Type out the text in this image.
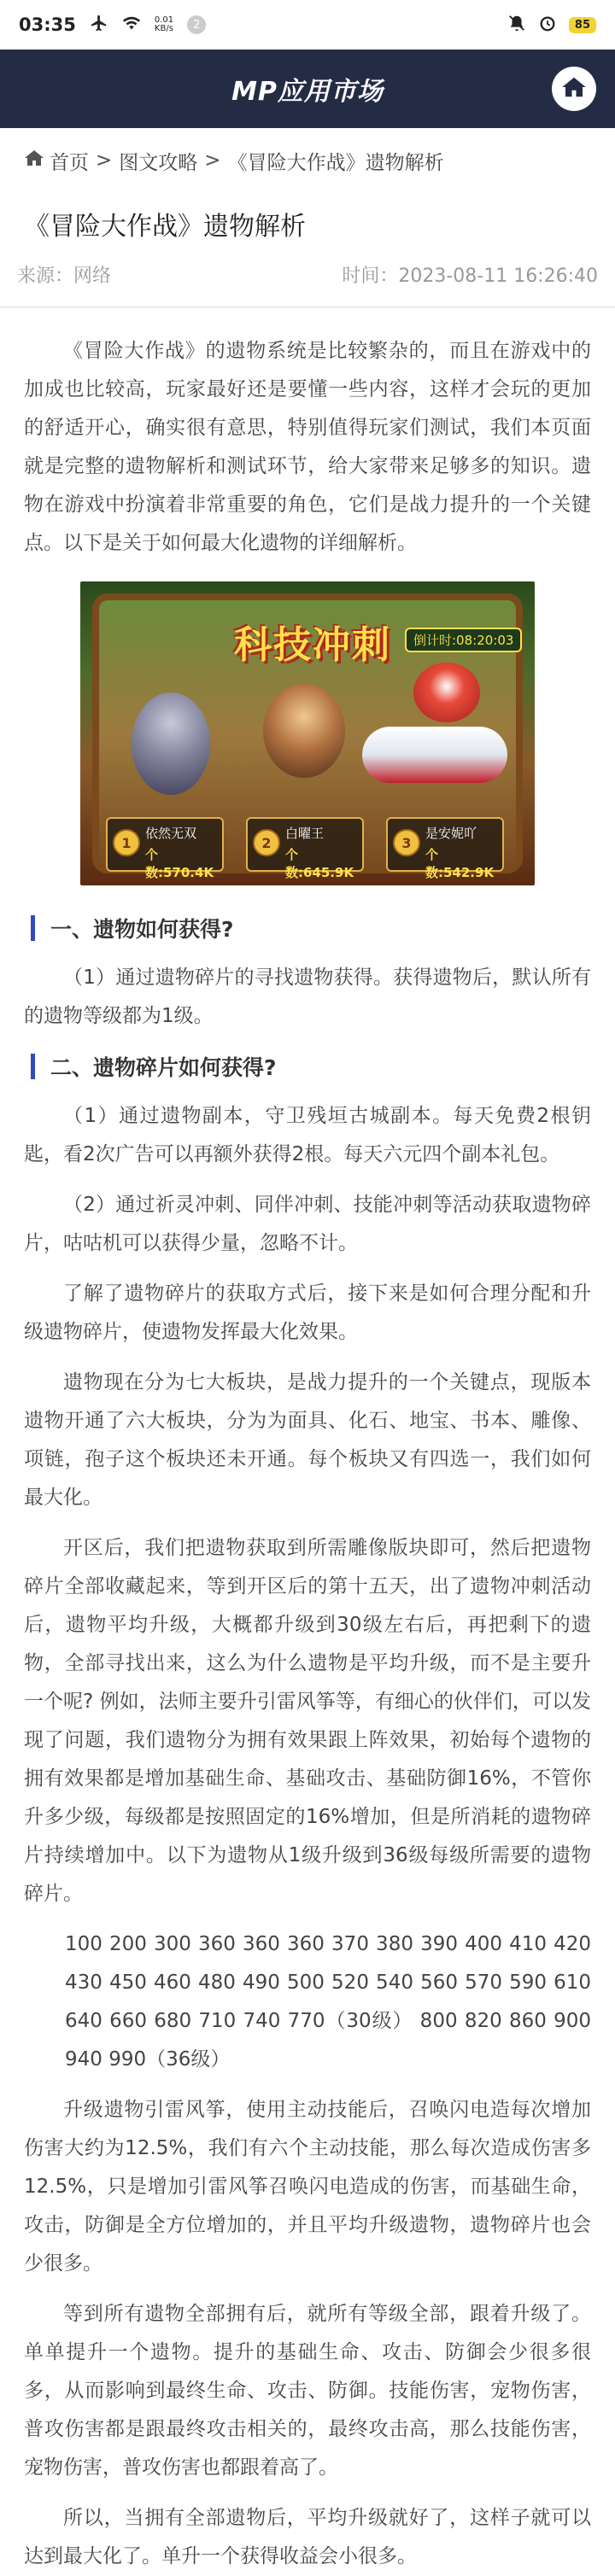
03:35	0.01
KB/s	2	85
MP应用市场
首页 > 图文攻略 > 《冒险大作战》遗物解析
《冒险大作战》遗物解析
来源：网络	时间：2023-08-11 16:26:40

《冒险大作战》的遗物系统是比较繁杂的，而且在游戏中的加成也比较高，玩家最好还是要懂一些内容，这样才会玩的更加的舒适开心，确实很有意思，特别值得玩家们测试，我们本页面就是完整的遗物解析和测试环节，给大家带来足够多的知识。遗物在游戏中扮演着非常重要的角色，它们是战力提升的一个关键点。以下是关于如何最大化遗物的详细解析。

科技冲刺	倒计时:08:20:03
1
依然无双
个数:570.4K
2
白曜王
个数:645.9K
3
是安妮吖
个数:542.9K
一、遗物如何获得?

（1）通过遗物碎片的寻找遗物获得。获得遗物后，默认所有的遗物等级都为1级。

二、遗物碎片如何获得?

（1）通过遗物副本，守卫残垣古城副本。每天免费2根钥匙，看2次广告可以再额外获得2根。每天六元四个副本礼包。

（2）通过祈灵冲刺、同伴冲刺、技能冲刺等活动获取遗物碎片，咕咕机可以获得少量，忽略不计。

了解了遗物碎片的获取方式后，接下来是如何合理分配和升级遗物碎片，使遗物发挥最大化效果。

遗物现在分为七大板块，是战力提升的一个关键点，现版本遗物开通了六大板块，分为为面具、化石、地宝、书本、雕像、项链，孢子这个板块还未开通。每个板块又有四选一，我们如何最大化。

开区后，我们把遗物获取到所需雕像版块即可，然后把遗物碎片全部收藏起来，等到开区后的第十五天，出了遗物冲刺活动后，遗物平均升级，大概都升级到30级左右后，再把剩下的遗物，全部寻找出来，这么为什么遗物是平均升级，而不是主要升一个呢? 例如，法师主要升引雷风筝等，有细心的伙伴们，可以发现了问题，我们遗物分为拥有效果跟上阵效果，初始每个遗物的拥有效果都是增加基础生命、基础攻击、基础防御16%，不管你升多少级，每级都是按照固定的16%增加，但是所消耗的遗物碎片持续增加中。以下为遗物从1级升级到36级每级所需要的遗物碎片。

100 200 300 360 360 360 370 380 390 400 410 420 430 450 460 480 490 500 520 540 560 570 590 610 640 660 680 710 740 770（30级） 800 820 860 900 940 990（36级）

升级遗物引雷风筝，使用主动技能后，召唤闪电造每次增加伤害大约为12.5%，我们有六个主动技能，那么每次造成伤害多12.5%，只是增加引雷风筝召唤闪电造成的伤害，而基础生命，攻击，防御是全方位增加的，并且平均升级遗物，遗物碎片也会少很多。

等到所有遗物全部拥有后，就所有等级全部，跟着升级了。单单提升一个遗物。提升的基础生命、攻击、防御会少很多很多，从而影响到最终生命、攻击、防御。技能伤害，宠物伤害，普攻伤害都是跟最终攻击相关的，最终攻击高，那么技能伤害，宠物伤害，普攻伤害也都跟着高了。

所以，当拥有全部遗物后，平均升级就好了，这样子就可以达到最大化了。单升一个获得收益会小很多。
